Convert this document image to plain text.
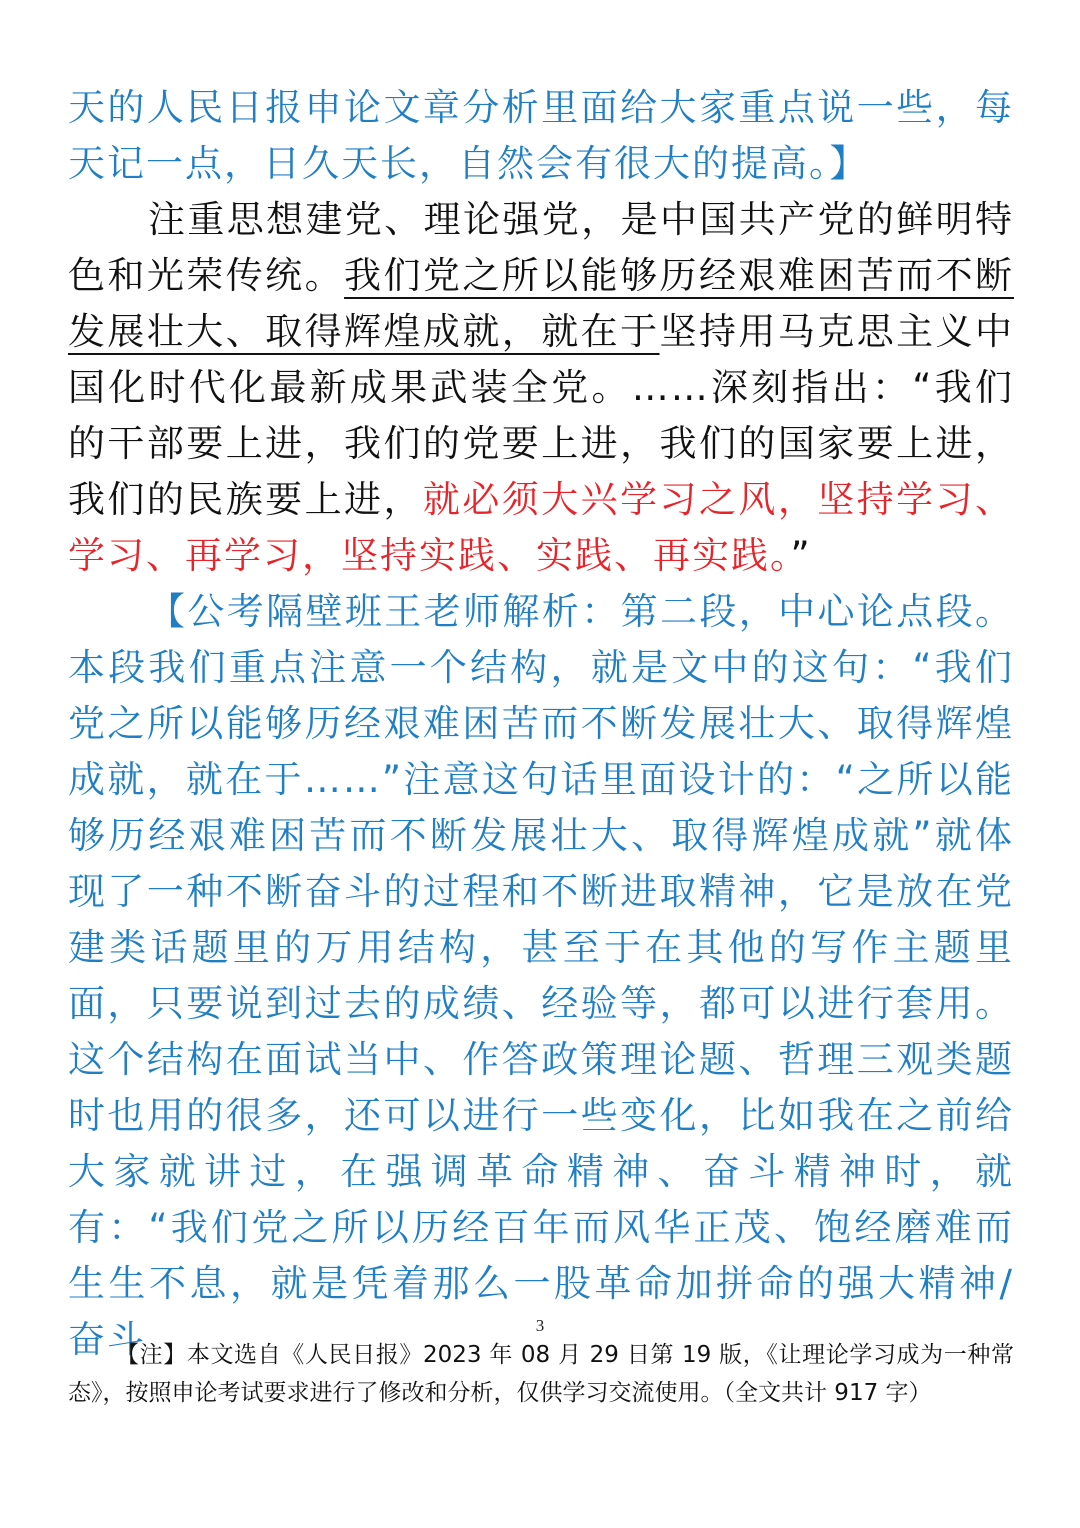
天的人民日报申论文章分析里面给大家重点说一些，每天记一点，日久天长，自然会有很大的提高。】

注重思想建党、理论强党，是中国共产党的鲜明特色和光荣传统。我们党之所以能够历经艰难困苦而不断发展壮大、取得辉煌成就，就在于坚持用马克思主义中国化时代化最新成果武装全党。……深刻指出：“我们的干部要上进，我们的党要上进，我们的国家要上进，我们的民族要上进，就必须大兴学习之风，坚持学习、学习、再学习，坚持实践、实践、再实践。”

【公考隔壁班王老师解析：第二段，中心论点段。本段我们重点注意一个结构，就是文中的这句：“我们党之所以能够历经艰难困苦而不断发展壮大、取得辉煌成就，就在于……”注意这句话里面设计的：“之所以能够历经艰难困苦而不断发展壮大、取得辉煌成就”就体现了一种不断奋斗的过程和不断进取精神，它是放在党建类话题里的万用结构，甚至于在其他的写作主题里面，只要说到过去的成绩、经验等，都可以进行套用。这个结构在面试当中、作答政策理论题、哲理三观类题时也用的很多，还可以进行一些变化，比如我在之前给大家就讲过，在强调革命精神、奋斗精神时，就有：“我们党之所以历经百年而风华正茂、饱经磨难而生生不息，就是凭着那么一股革命加拼命的强大精神/奋斗	3
【注】本文选自《人民日报》2023 年 08 月 29 日第 19 版，《让理论学习成为一种常态》，按照申论考试要求进行了修改和分析，仅供学习交流使用。（全文共计 917 字）
